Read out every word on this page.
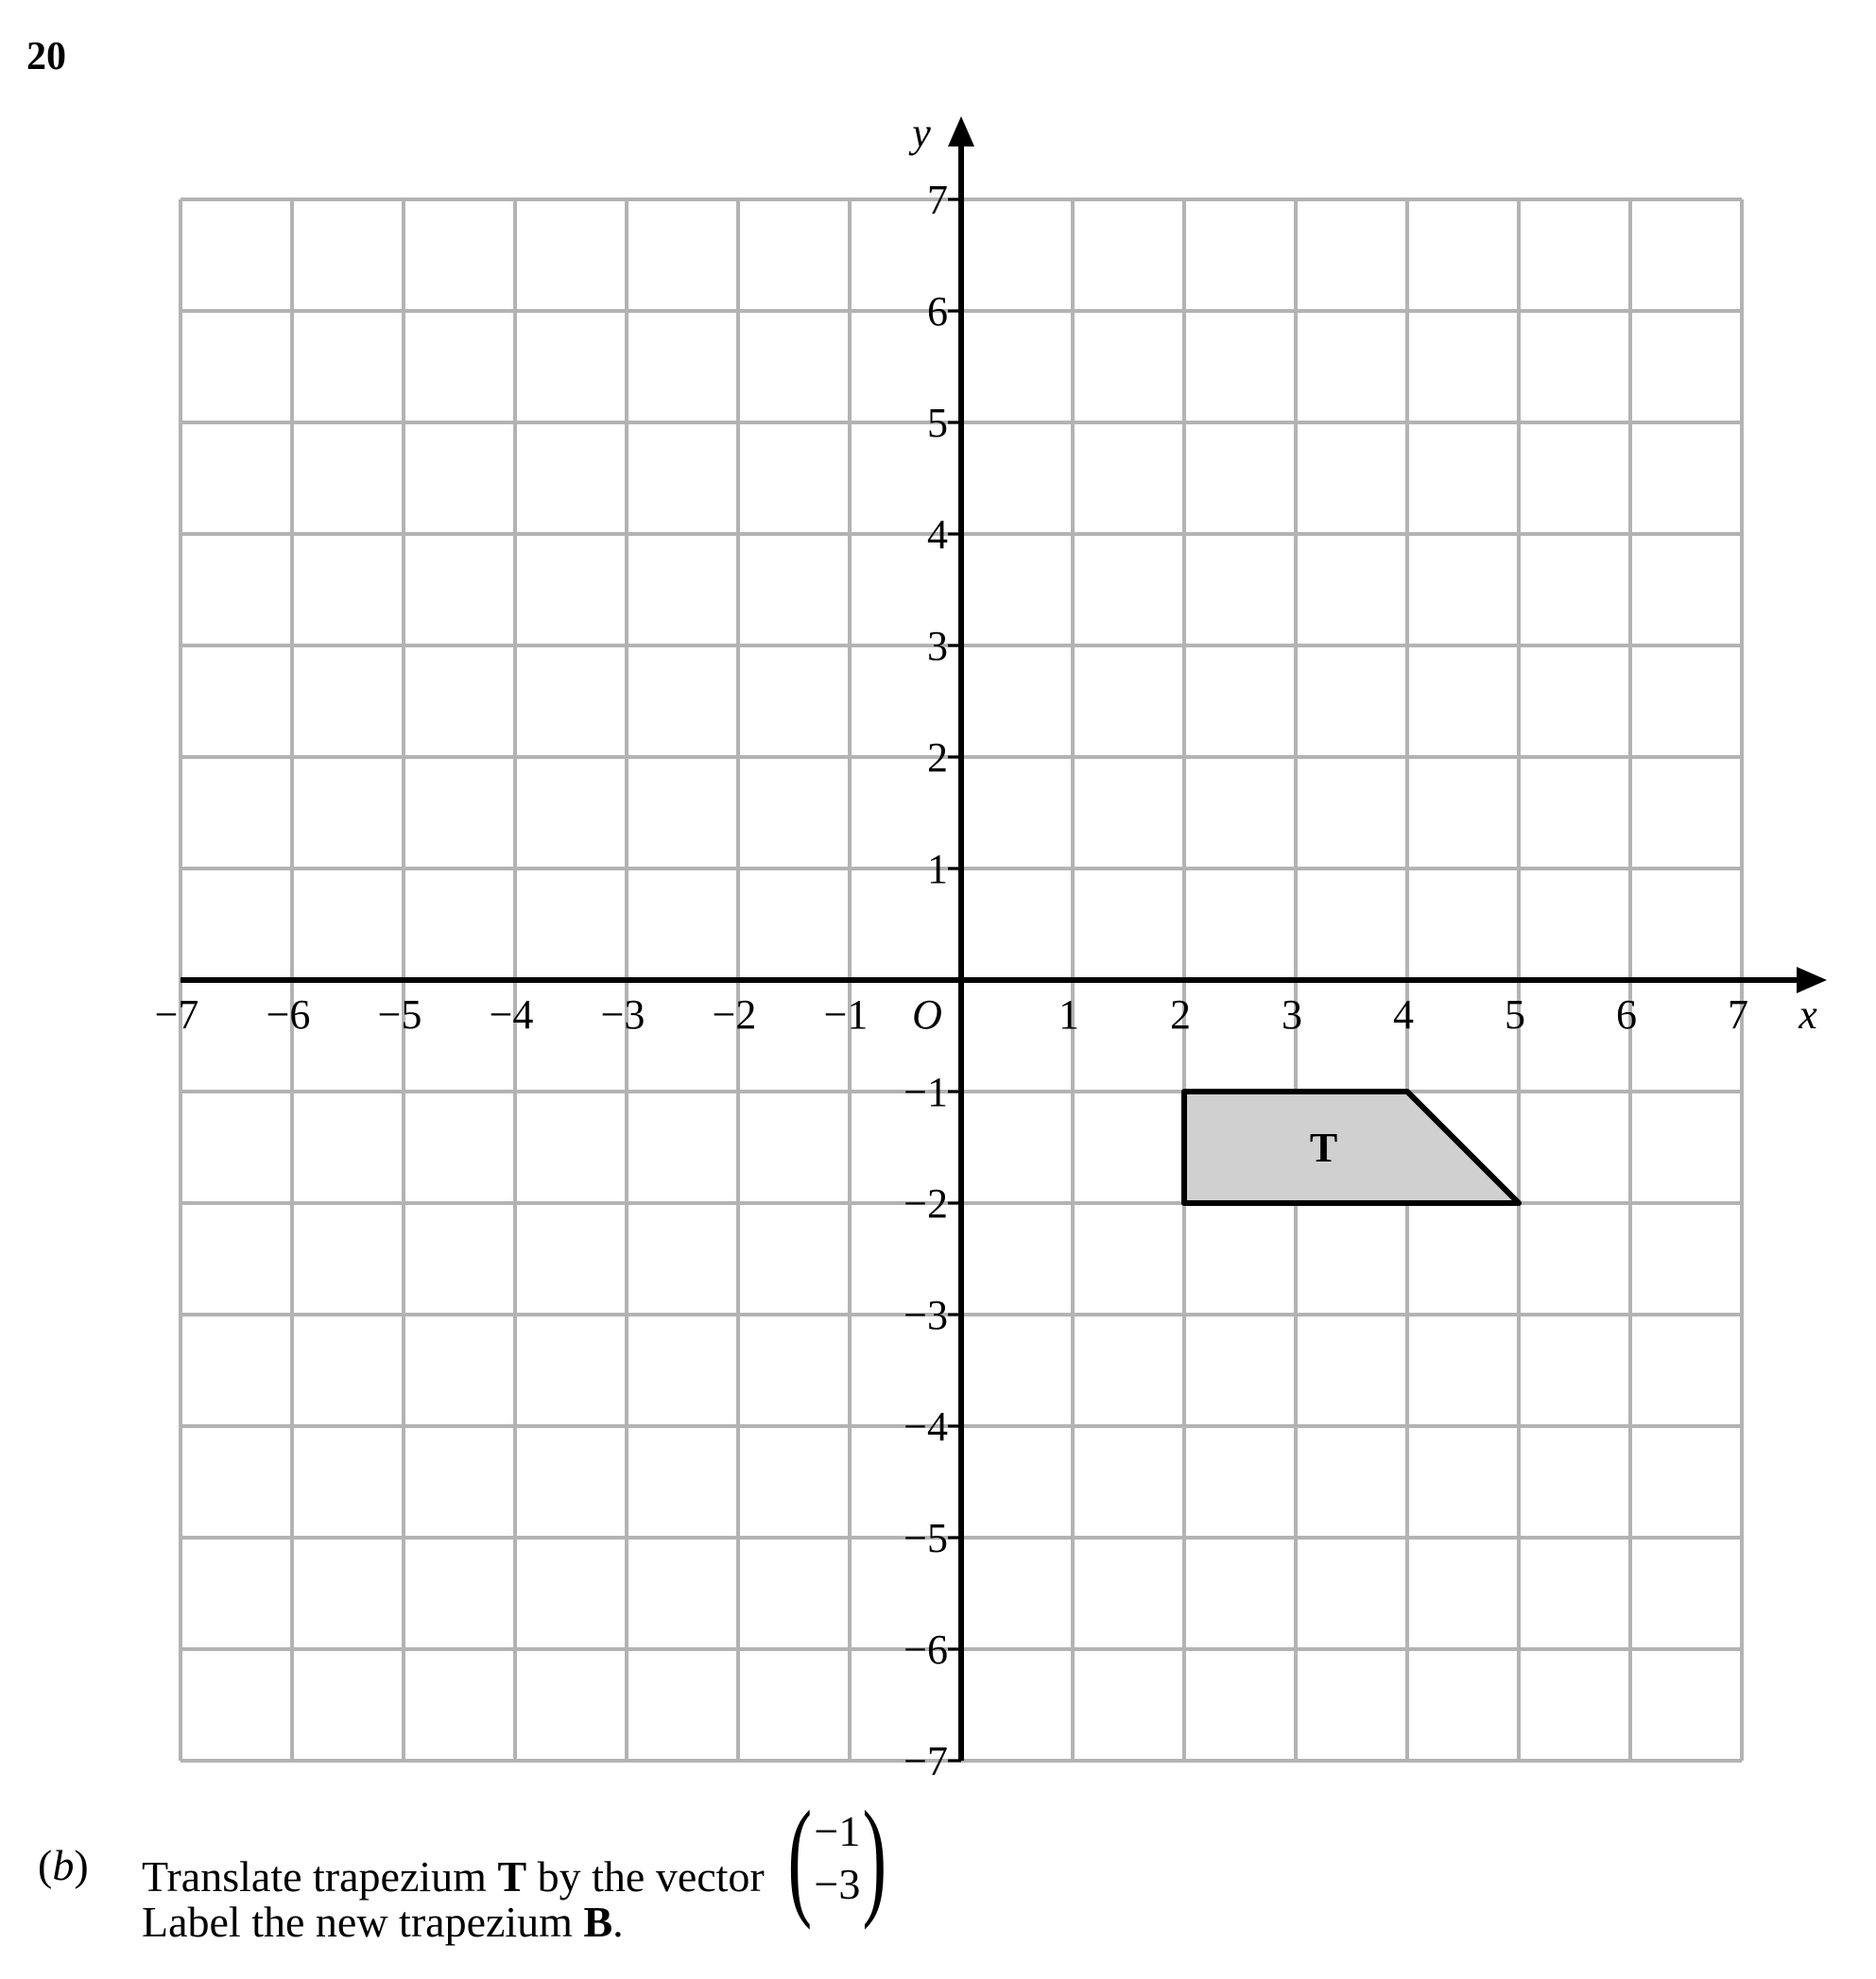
20
T
−7 −6 −5 −4 −3 −2 −1	1 2 3 4 5 6 7
7
6
5
4
3
2
1
−1
−2
−3
−4
−5
−6
−7
O	x
y
(b)	Translate trapezium T by the vector ( −1
−3 )
Label the new trapezium B.
